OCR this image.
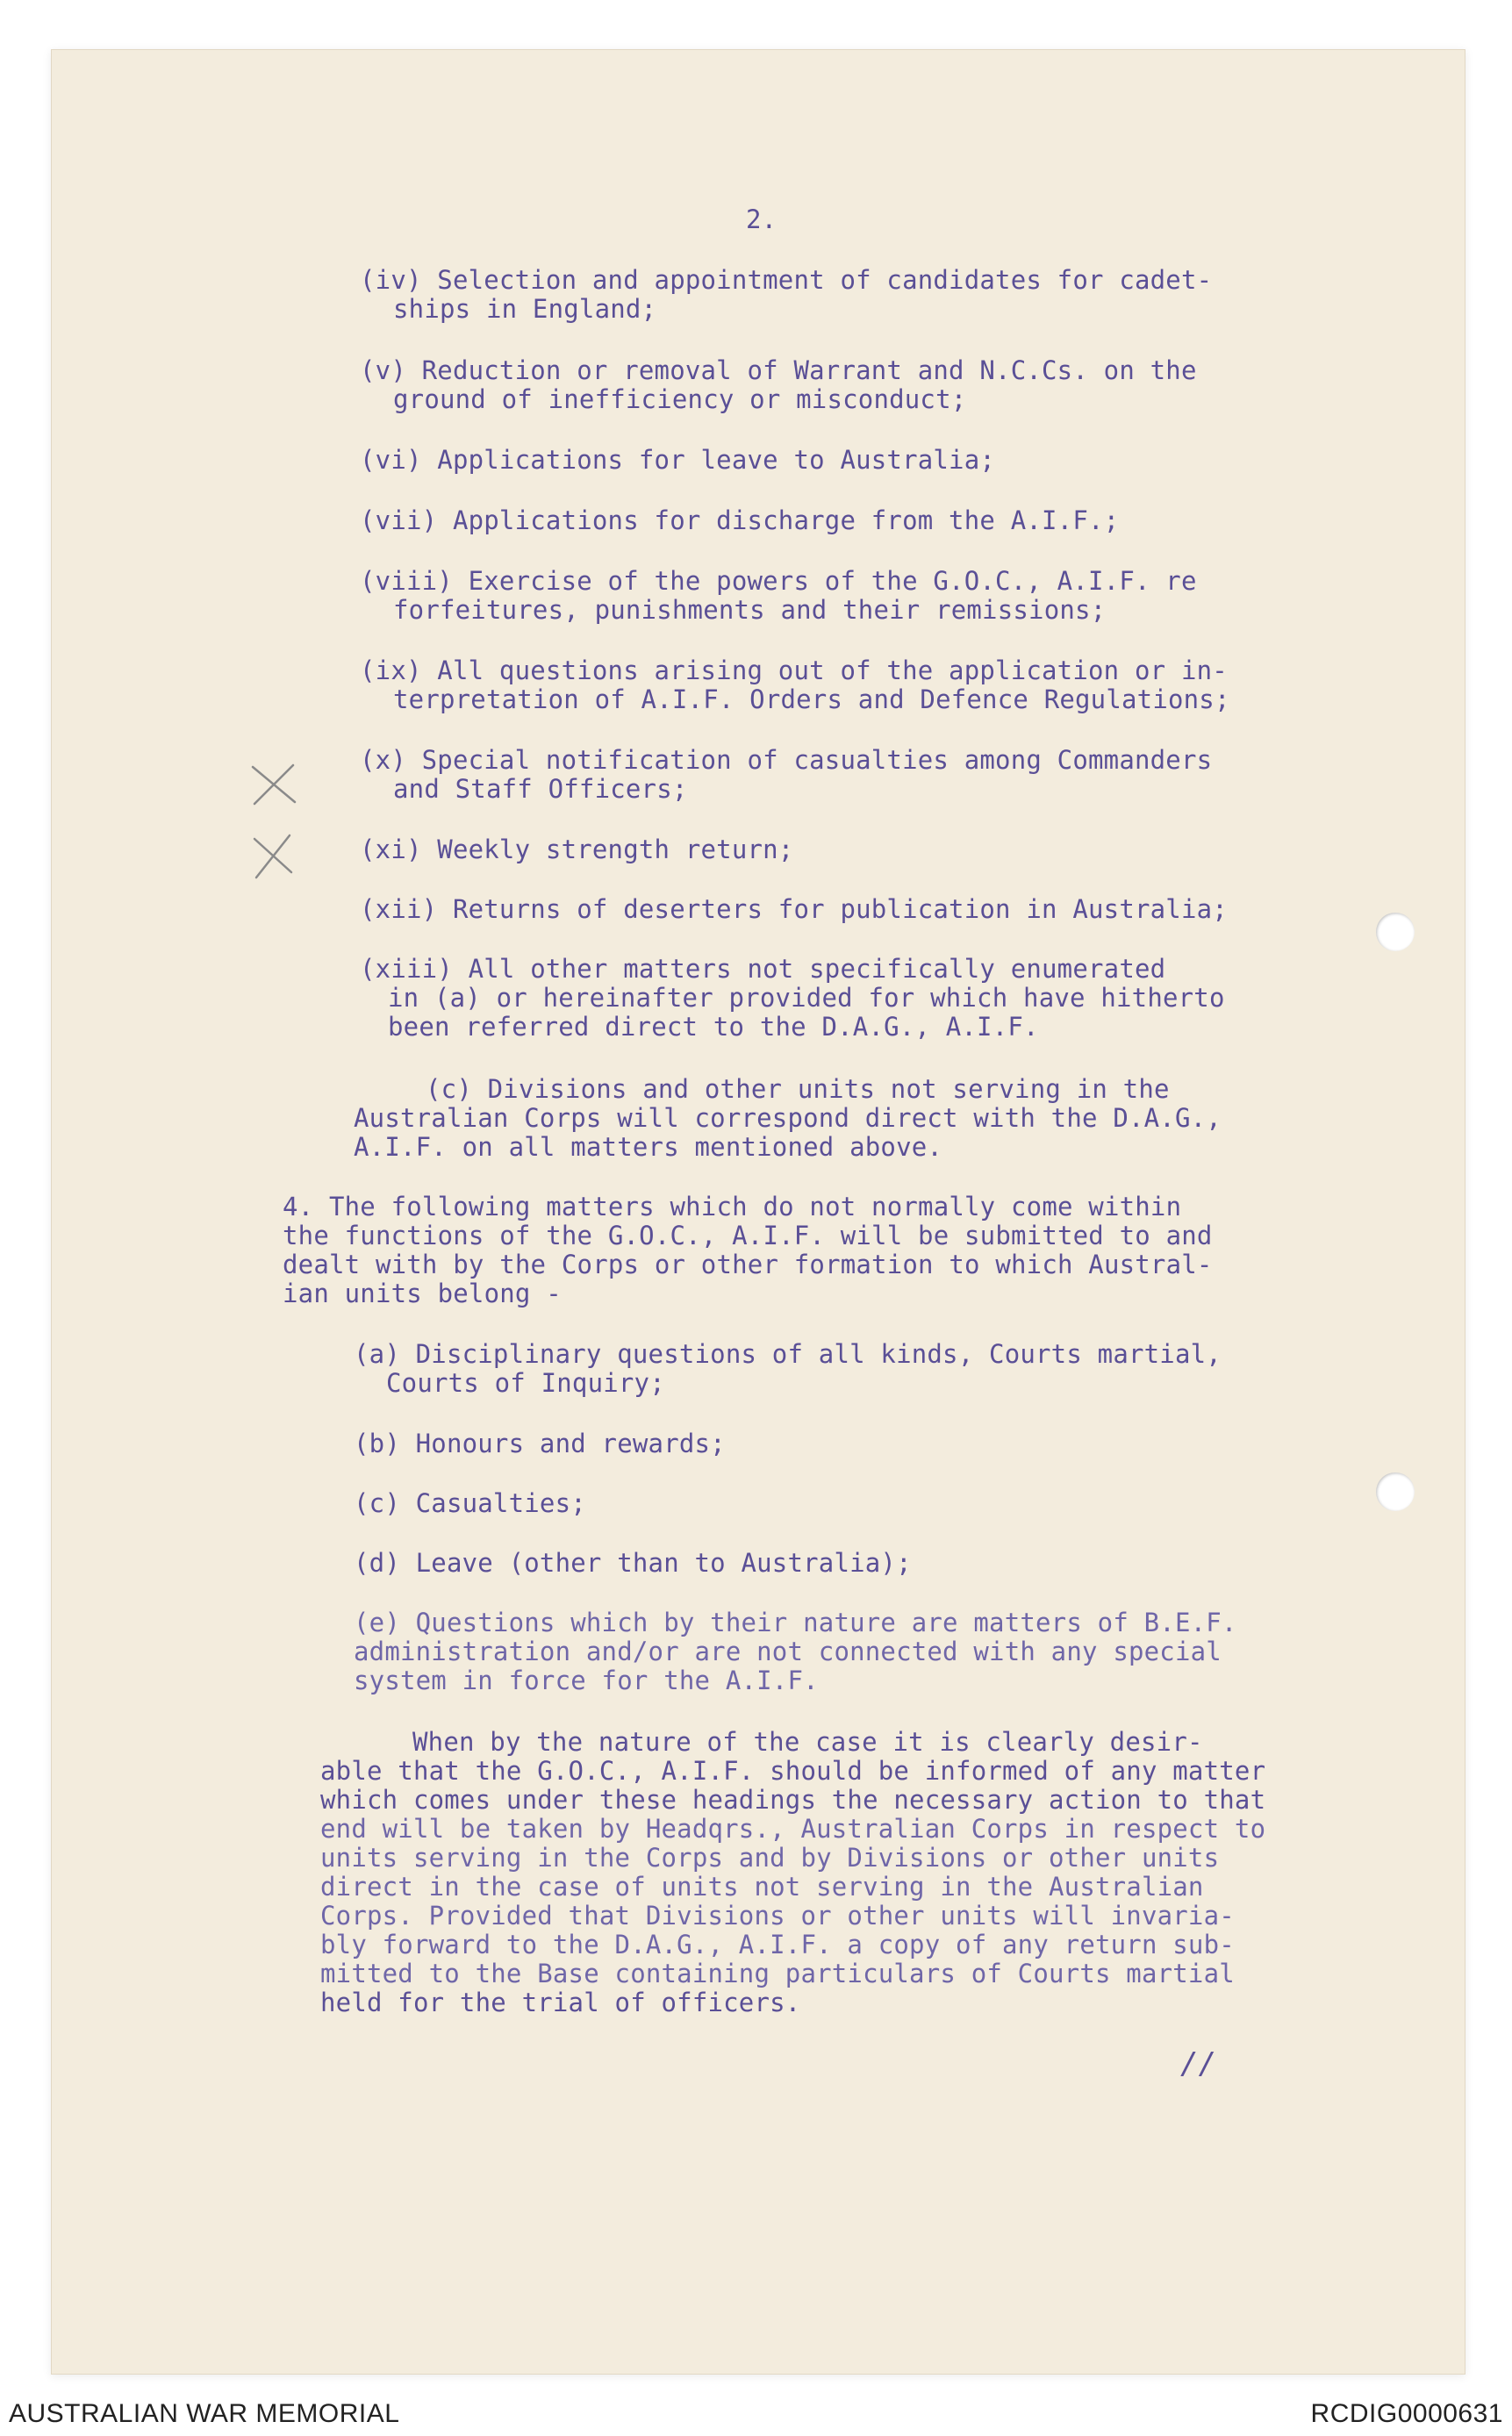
2.
(iv) Selection and appointment of candidates for cadet-
ships in England;
(v) Reduction or removal of Warrant and N.C.Cs. on the
ground of inefficiency or misconduct;
(vi) Applications for leave to Australia;
(vii) Applications for discharge from the A.I.F.;
(viii) Exercise of the powers of the G.O.C., A.I.F. re
forfeitures, punishments and their remissions;
(ix) All questions arising out of the application or in-
terpretation of A.I.F. Orders and Defence Regulations;
(x) Special notification of casualties among Commanders
and Staff Officers;
(xi) Weekly strength return;
(xii) Returns of deserters for publication in Australia;
(xiii) All other matters not specifically enumerated
in (a) or hereinafter provided for which have hitherto
been referred direct to the D.A.G., A.I.F.
(c) Divisions and other units not serving in the
Australian Corps will correspond direct with the D.A.G.,
A.I.F. on all matters mentioned above.
4. The following matters which do not normally come within
the functions of the G.O.C., A.I.F. will be submitted to and
dealt with by the Corps or other formation to which Austral-
ian units belong -
(a) Disciplinary questions of all kinds, Courts martial,
Courts of Inquiry;
(b) Honours and rewards;
(c) Casualties;
(d) Leave (other than to Australia);
(e) Questions which by their nature are matters of B.E.F.
administration and/or are not connected with any special
system in force for the A.I.F.
When by the nature of the case it is clearly desir-
able that the G.O.C., A.I.F. should be informed of any matter
which comes under these headings the necessary action to that
end will be taken by Headqrs., Australian Corps in respect to
units serving in the Corps and by Divisions or other units
direct in the case of units not serving in the Australian
Corps. Provided that Divisions or other units will invaria-
bly forward to the D.A.G., A.I.F. a copy of any return sub-
mitted to the Base containing particulars of Courts martial
held for the trial of officers.
//
AUSTRALIAN WAR MEMORIAL	RCDIG0000631
